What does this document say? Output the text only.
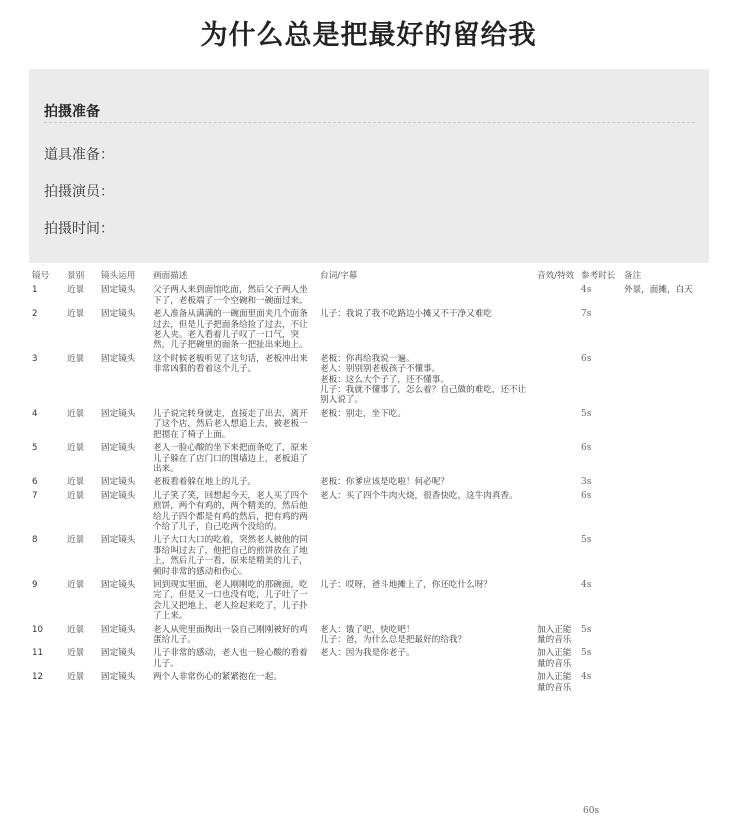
为什么总是把最好的留给我
拍摄准备
道具准备：
拍摄演员：
拍摄时间：
镜号	景别	镜头运用	画面描述	台词/字幕	音效/特效	参考时长	备注
1	近景	固定镜头	父子两人来到面馆吃面，然后父子两人坐下了，老板端了一个空碗和一碗面过来。			4s	外景，面摊，白天
2	近景	固定镜头	老人准备从满满的一碗面里面夹几个面条过去，但是儿子把面条给捡了过去，不让老人夹。老人看着儿子叹了一口气，突然，儿子把碗里的面条一把扯出来地上。	儿子：我说了我不吃路边小摊又不干净又难吃		7s	
3	近景	固定镜头	这个时候老板听见了这句话，老板冲出来非常凶狠的看着这个儿子。	老板：你再给我说一遍。
老人：别别别老板孩子不懂事。
老板：这么大个子了，还不懂事。
儿子：我就不懂事了，怎么着？自己做的难吃，还不让别人说了。		6s	
4	近景	固定镜头	儿子说完转身就走，直接走了出去，离开了这个店，然后老人想追上去，被老板一把摁在了椅子上面。	老板：别走，坐下吃。		5s	
5	近景	固定镜头	老人一脸心酸的坐下来把面条吃了，原来儿子躲在了店门口的围墙边上，老板追了出来。			6s	
6	近景	固定镜头	老板看着躲在地上的儿子。	老板：你爹应该是吃啦！何必呢？		3s	
7	近景	固定镜头	儿子笑了笑，回想起今天，老人买了四个煎饼，两个有鸡的，两个精美的，然后他给儿子四个都是有鸡的然后，把有鸡的两个给了儿子，自己吃两个没给的。	老人：买了四个牛肉火烧，很香快吃，这牛肉真香。		6s	
8	近景	固定镜头	儿子大口大口的吃着，突然老人被他的同事给叫过去了，他把自己的煎饼放在了地上，然后儿子一看，原来是精美的儿子，顿时非常的感动和伤心。			5s	
9	近景	固定镜头	回到现实里面，老人刚刚吃的那碗面，吃完了，但是又一口也没有吃，儿子吐了一会儿又把地上，老人捡起来吃了，儿子扑了上来。	儿子：哎呀，爸斗地摊上了，你还吃什么呀？		4s	
10	近景	固定镜头	老人从兜里面掏出一袋自己刚刚被好的鸡蛋给儿子。	老人：饿了吧，快吃吧！
儿子：爸，为什么总是把最好的给我？	加入正能量的音乐	5s	
11	近景	固定镜头	儿子非常的感动，老人也一脸心酸的看着儿子。	老人：因为我是你老子。	加入正能量的音乐	5s	
12	近景	固定镜头	两个人非常伤心的紧紧抱在一起。		加入正能量的音乐	4s	
60s
